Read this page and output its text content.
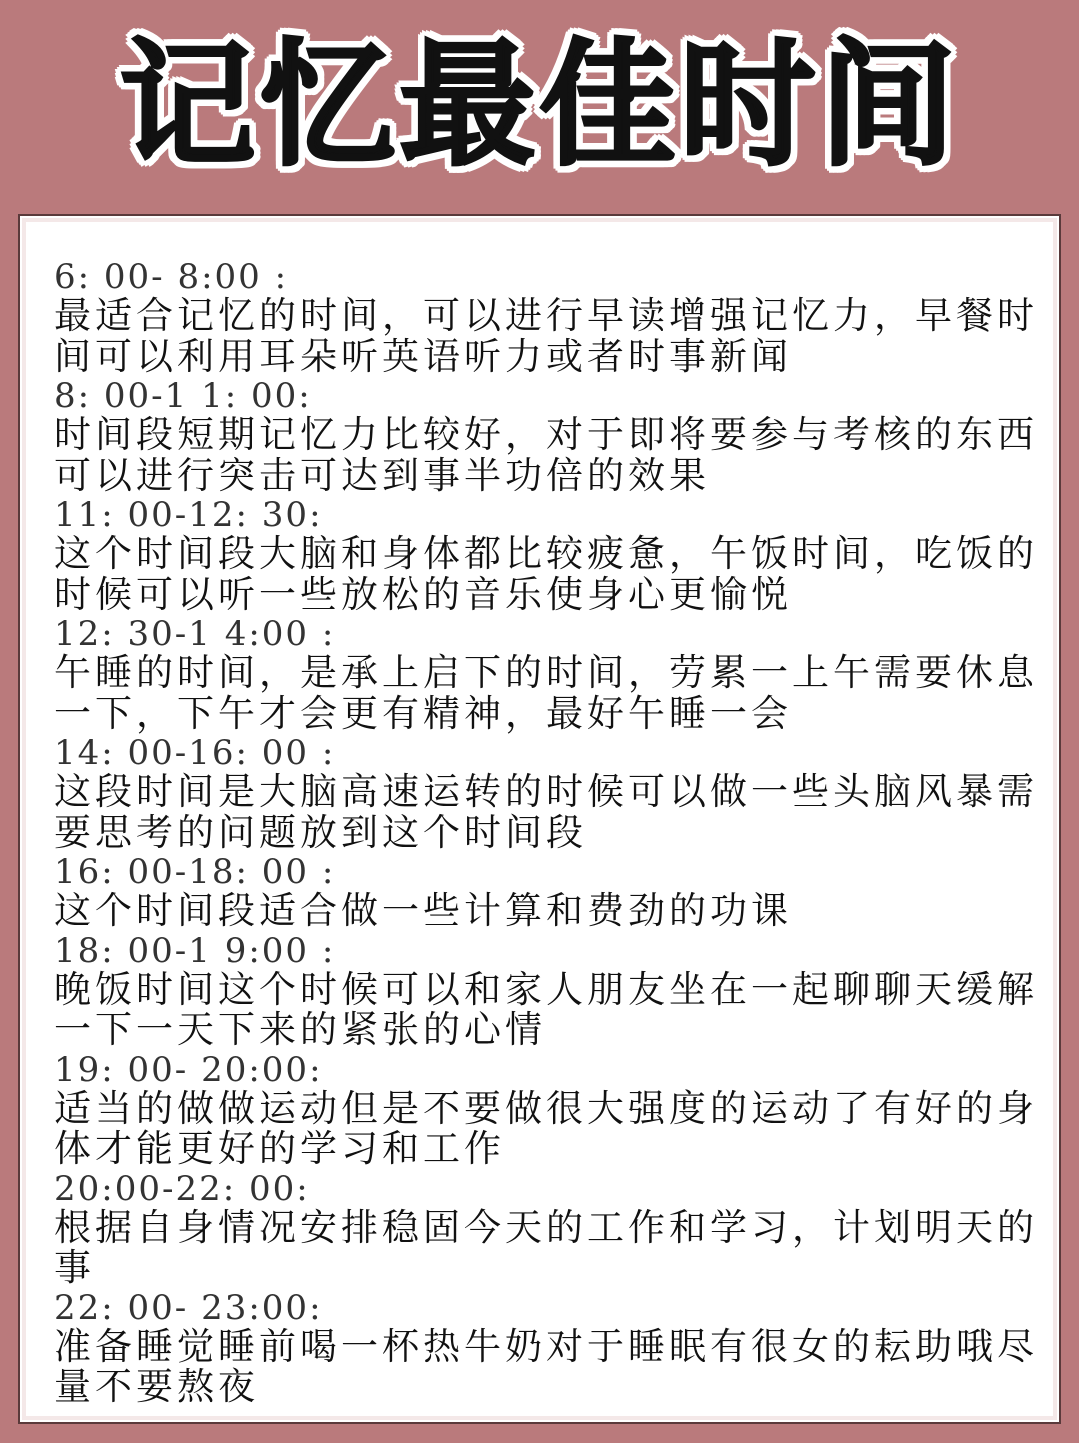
记忆最佳时间
6: 00- 8:00 :
最适合记忆的时间，可以进行早读增强记忆力，早餐时间可以利用耳朵听英语听力或者时事新闻
8: 00-1 1: 00:
时间段短期记忆力比较好，对于即将要参与考核的东西可以进行突击可达到事半功倍的效果
11: 00-12: 30:
这个时间段大脑和身体都比较疲惫，午饭时间，吃饭的时候可以听一些放松的音乐使身心更愉悦
12: 30-1 4:00 :
午睡的时间，是承上启下的时间，劳累一上午需要休息一下，下午才会更有精神，最好午睡一会
14: 00-16: 00 :
这段时间是大脑高速运转的时候可以做一些头脑风暴需要思考的问题放到这个时间段
16: 00-18: 00 :
这个时间段适合做一些计算和费劲的功课
18: 00-1 9:00 :
晚饭时间这个时候可以和家人朋友坐在一起聊聊天缓解一下一天下来的紧张的心情
19: 00- 20:00:
适当的做做运动但是不要做很大强度的运动了有好的身体才能更好的学习和工作
20:00-22: 00:
根据自身情况安排稳固今天的工作和学习，计划明天的事
22: 00- 23:00:
准备睡觉睡前喝一杯热牛奶对于睡眠有很女的耘助哦尽量不要熬夜
